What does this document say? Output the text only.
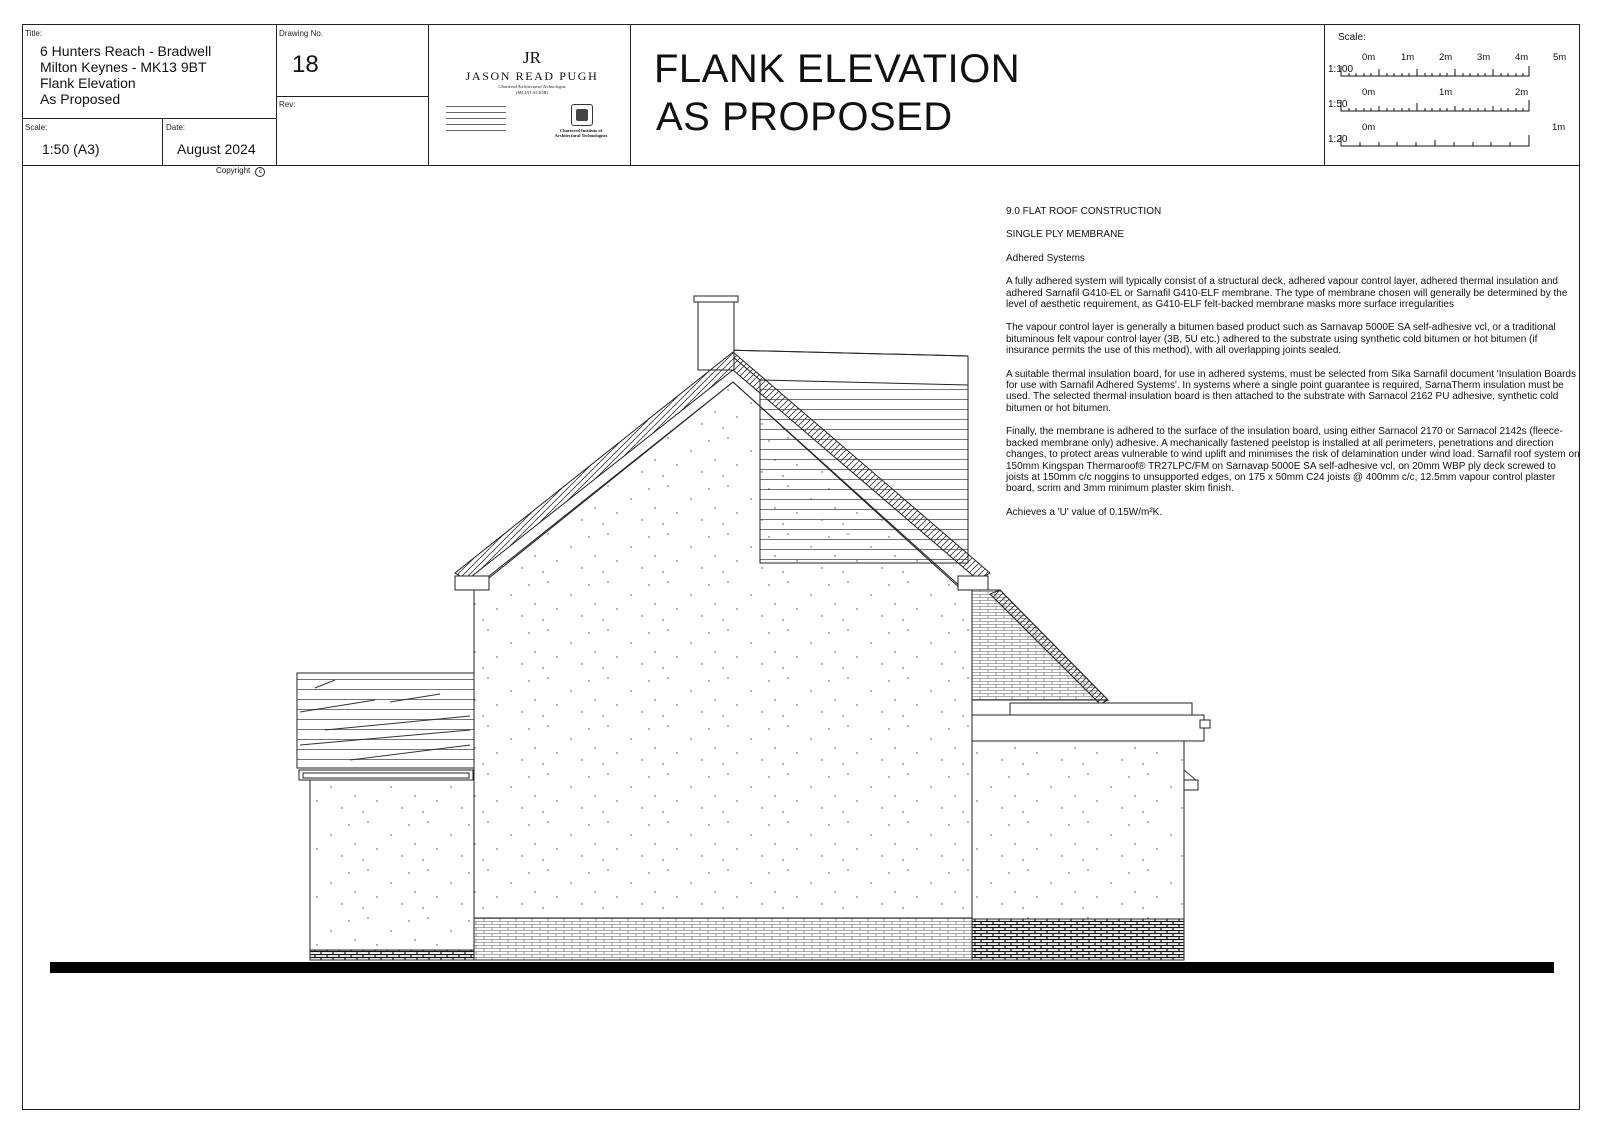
Title:
6 Hunters Reach - Bradwell
Milton Keynes - MK13 9BT
Flank Elevation
As Proposed
Scale:
1:50 (A3)
Date:
August 2024
Drawing No.
18
Rev:
JR
JASON READ PUGH
Chartered Architectural Technologist
(MCIAT ACIOB)
Chartered Institute of Architectural Technologists
FLANK ELEVATION
AS PROPOSED
Scale:
1:100
1:50
1:20
0m	1m	2m	3m	4m	5m
0m	1m	2m
0m	1m
Copyright c

9.0 FLAT ROOF CONSTRUCTION

SINGLE PLY MEMBRANE

Adhered Systems

A fully adhered system will typically consist of a structural deck, adhered vapour control layer, adhered thermal insulation and adhered Sarnafil G410-EL or Sarnafil G410-ELF membrane. The type of membrane chosen will generally be determined by the level of aesthetic requirement, as G410-ELF felt-backed membrane masks more surface irregularities

The vapour control layer is generally a bitumen based product such as Sarnavap 5000E SA self-adhesive vcl, or a traditional bituminous felt vapour control layer (3B, 5U etc.) adhered to the substrate using synthetic cold bitumen or hot bitumen (if insurance permits the use of this method), with all overlapping joints sealed.

A suitable thermal insulation board, for use in adhered systems, must be selected from Sika Sarnafil document 'Insulation Boards for use with Sarnafil Adhered Systems'. In systems where a single point guarantee is required, SarnaTherm insulation must be used. The selected thermal insulation board is then attached to the substrate with Sarnacol 2162 PU adhesive, synthetic cold bitumen or hot bitumen.

Finally, the membrane is adhered to the surface of the insulation board, using either Sarnacol 2170 or Sarnacol 2142s (fleece-backed membrane only) adhesive. A mechanically fastened peelstop is installed at all perimeters, penetrations and direction changes, to protect areas vulnerable to wind uplift and minimises the risk of delamination under wind load. Sarnafil roof system on 150mm Kingspan Thermaroof® TR27LPC/FM on Sarnavap 5000E SA self-adhesive vcl, on 20mm WBP ply deck screwed to joists at 150mm c/c noggins to unsupported edges, on 175 x 50mm C24 joists @ 400mm c/c, 12.5mm vapour control plaster board, scrim and 3mm minimum plaster skim finish.

Achieves a 'U' value of 0.15W/m²K.
